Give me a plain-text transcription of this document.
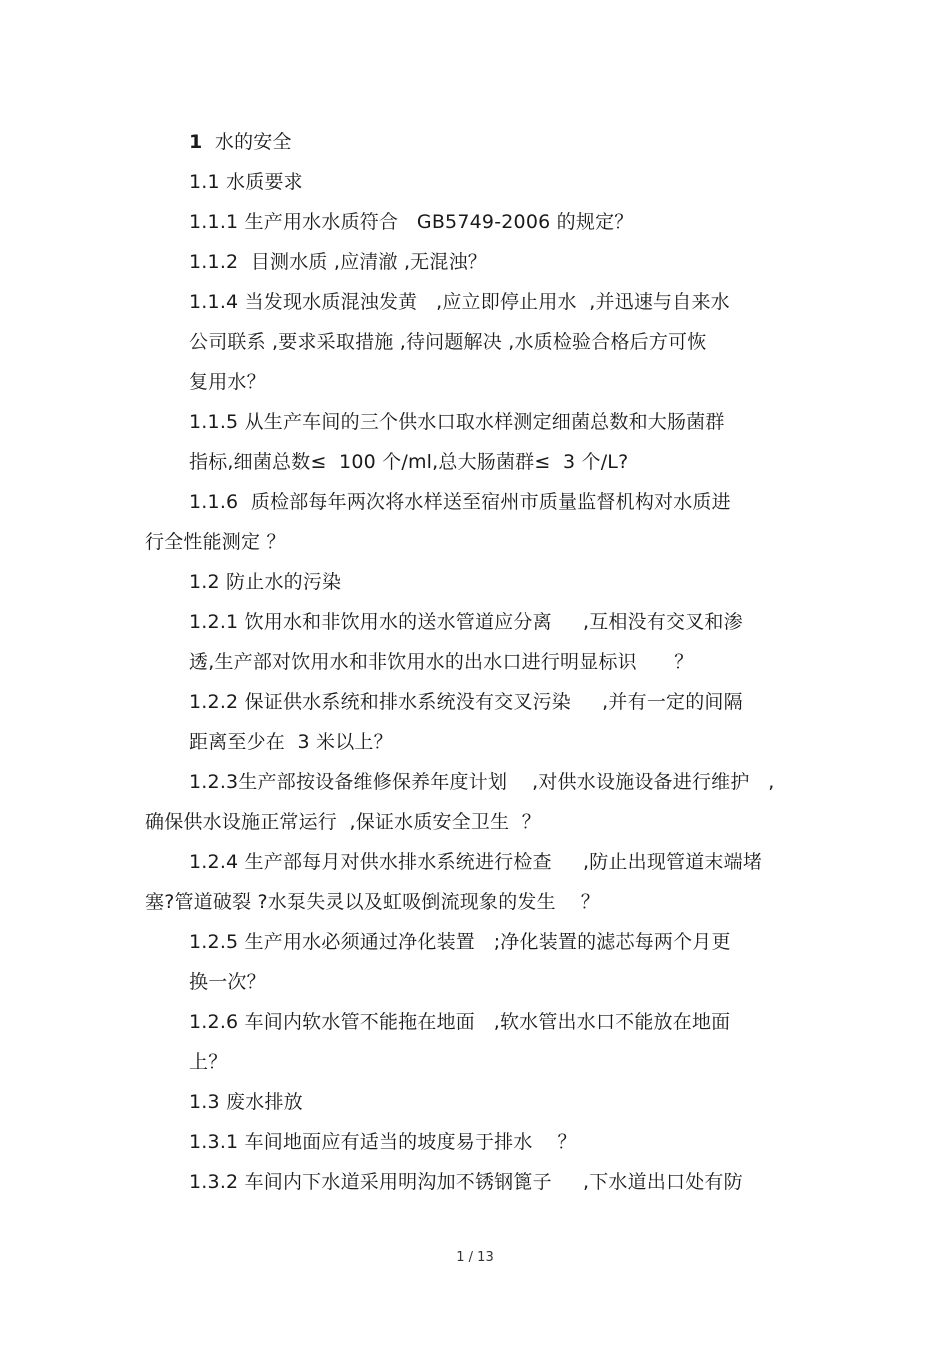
1  水的安全
1.1 水质要求
1.1.1 生产用水水质符合   GB5749-2006 的规定？
1.1.2  目测水质 ,应清澈 ,无混浊？
1.1.4 当发现水质混浊发黄   ,应立即停止用水  ,并迅速与自来水
公司联系 ,要求采取措施 ,待问题解决 ,水质检验合格后方可恢
复用水？
1.1.5 从生产车间的三个供水口取水样测定细菌总数和大肠菌群
指标,细菌总数≤  100 个/ml,总大肠菌群≤  3 个/L?
1.1.6  质检部每年两次将水样送至宿州市质量监督机构对水质进
行全性能测定 ？
1.2 防止水的污染
1.2.1 饮用水和非饮用水的送水管道应分离     ,互相没有交叉和渗
透,生产部对饮用水和非饮用水的出水口进行明显标识      ？
1.2.2 保证供水系统和排水系统没有交叉污染     ,并有一定的间隔
距离至少在  3 米以上？
1.2.3生产部按设备维修保养年度计划    ,对供水设施设备进行维护   ,
确保供水设施正常运行  ,保证水质安全卫生  ？
1.2.4 生产部每月对供水排水系统进行检查     ,防止出现管道末端堵
塞?管道破裂 ?水泵失灵以及虹吸倒流现象的发生    ？
1.2.5 生产用水必须通过净化装置   ;净化装置的滤芯每两个月更
换一次？
1.2.6 车间内软水管不能拖在地面   ,软水管出水口不能放在地面
上？
1.3 废水排放
1.3.1 车间地面应有适当的坡度易于排水    ？
1.3.2 车间内下水道采用明沟加不锈钢篦子     ,下水道出口处有防
1 / 13
